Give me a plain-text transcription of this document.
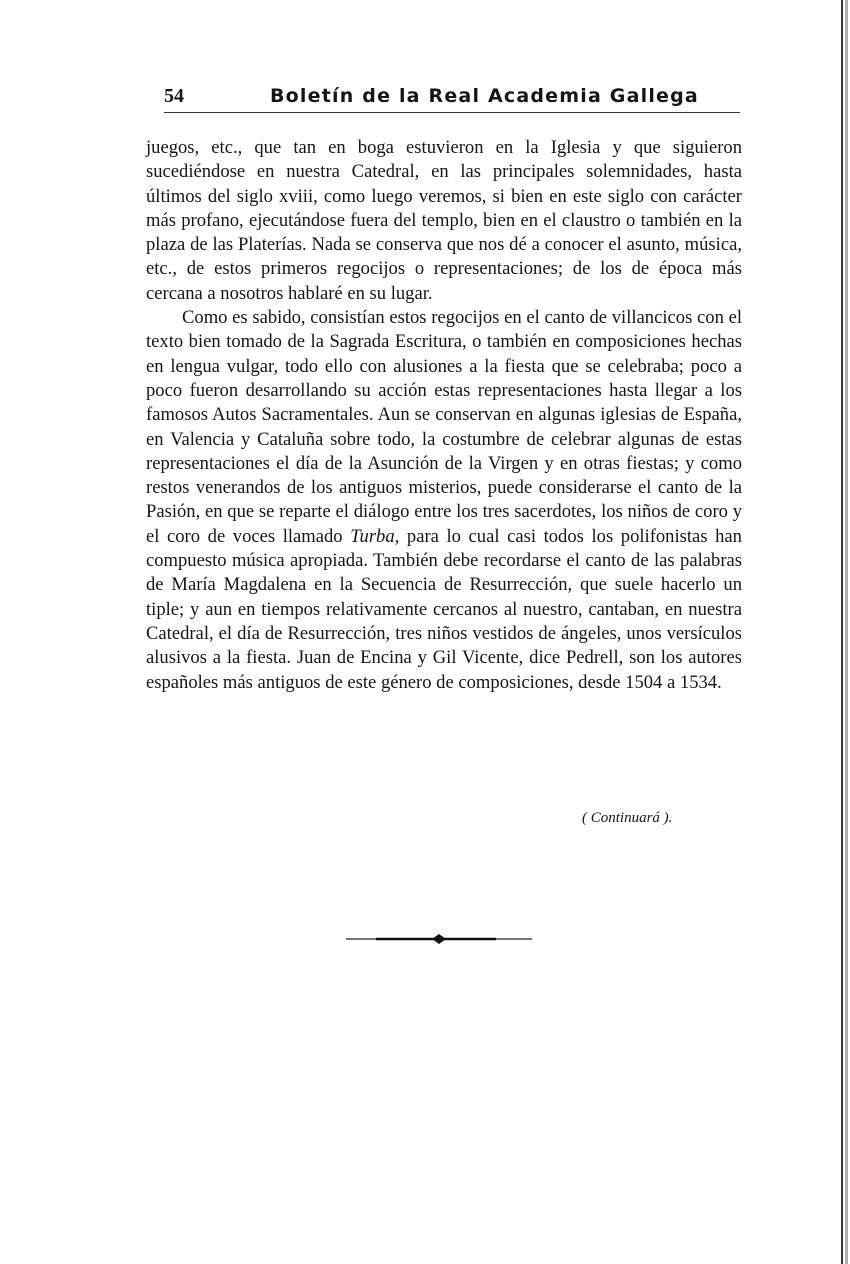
54	Boletín de la Real Academia Gallega

juegos, etc., que tan en boga estuvieron en la Iglesia y que siguieron sucediéndose en nuestra Catedral, en las principales solemnidades, hasta últimos del siglo xviii, como luego veremos, si bien en este siglo con carácter más profano, ejecutándose fuera del templo, bien en el claustro o también en la plaza de las Platerías. Nada se conserva que nos dé a conocer el asunto, música, etc., de estos primeros regocijos o representaciones; de los de época más cercana a nosotros hablaré en su lugar.

Como es sabido, consistían estos regocijos en el canto de villancicos con el texto bien tomado de la Sagrada Escritura, o también en composiciones hechas en lengua vulgar, todo ello con alusiones a la fiesta que se celebraba; poco a poco fueron desarrollando su acción estas representaciones hasta llegar a los famosos Autos Sacramentales. Aun se conservan en algunas iglesias de España, en Valencia y Cataluña sobre todo, la costumbre de celebrar algunas de estas representaciones el día de la Asunción de la Virgen y en otras fiestas; y como restos venerandos de los antiguos misterios, puede considerarse el canto de la Pasión, en que se reparte el diálogo entre los tres sacerdotes, los niños de coro y el coro de voces llamado Turba, para lo cual casi todos los polifonistas han compuesto música apropiada. También debe recordarse el canto de las palabras de María Magdalena en la Secuencia de Resurrección, que suele hacerlo un tiple; y aun en tiempos relativamente cercanos al nuestro, cantaban, en nuestra Catedral, el día de Resurrección, tres niños vestidos de ángeles, unos versículos alusivos a la fiesta. Juan de Encina y Gil Vicente, dice Pedrell, son los autores españoles más antiguos de este género de composiciones, desde 1504 a 1534.

( Continuará ).
